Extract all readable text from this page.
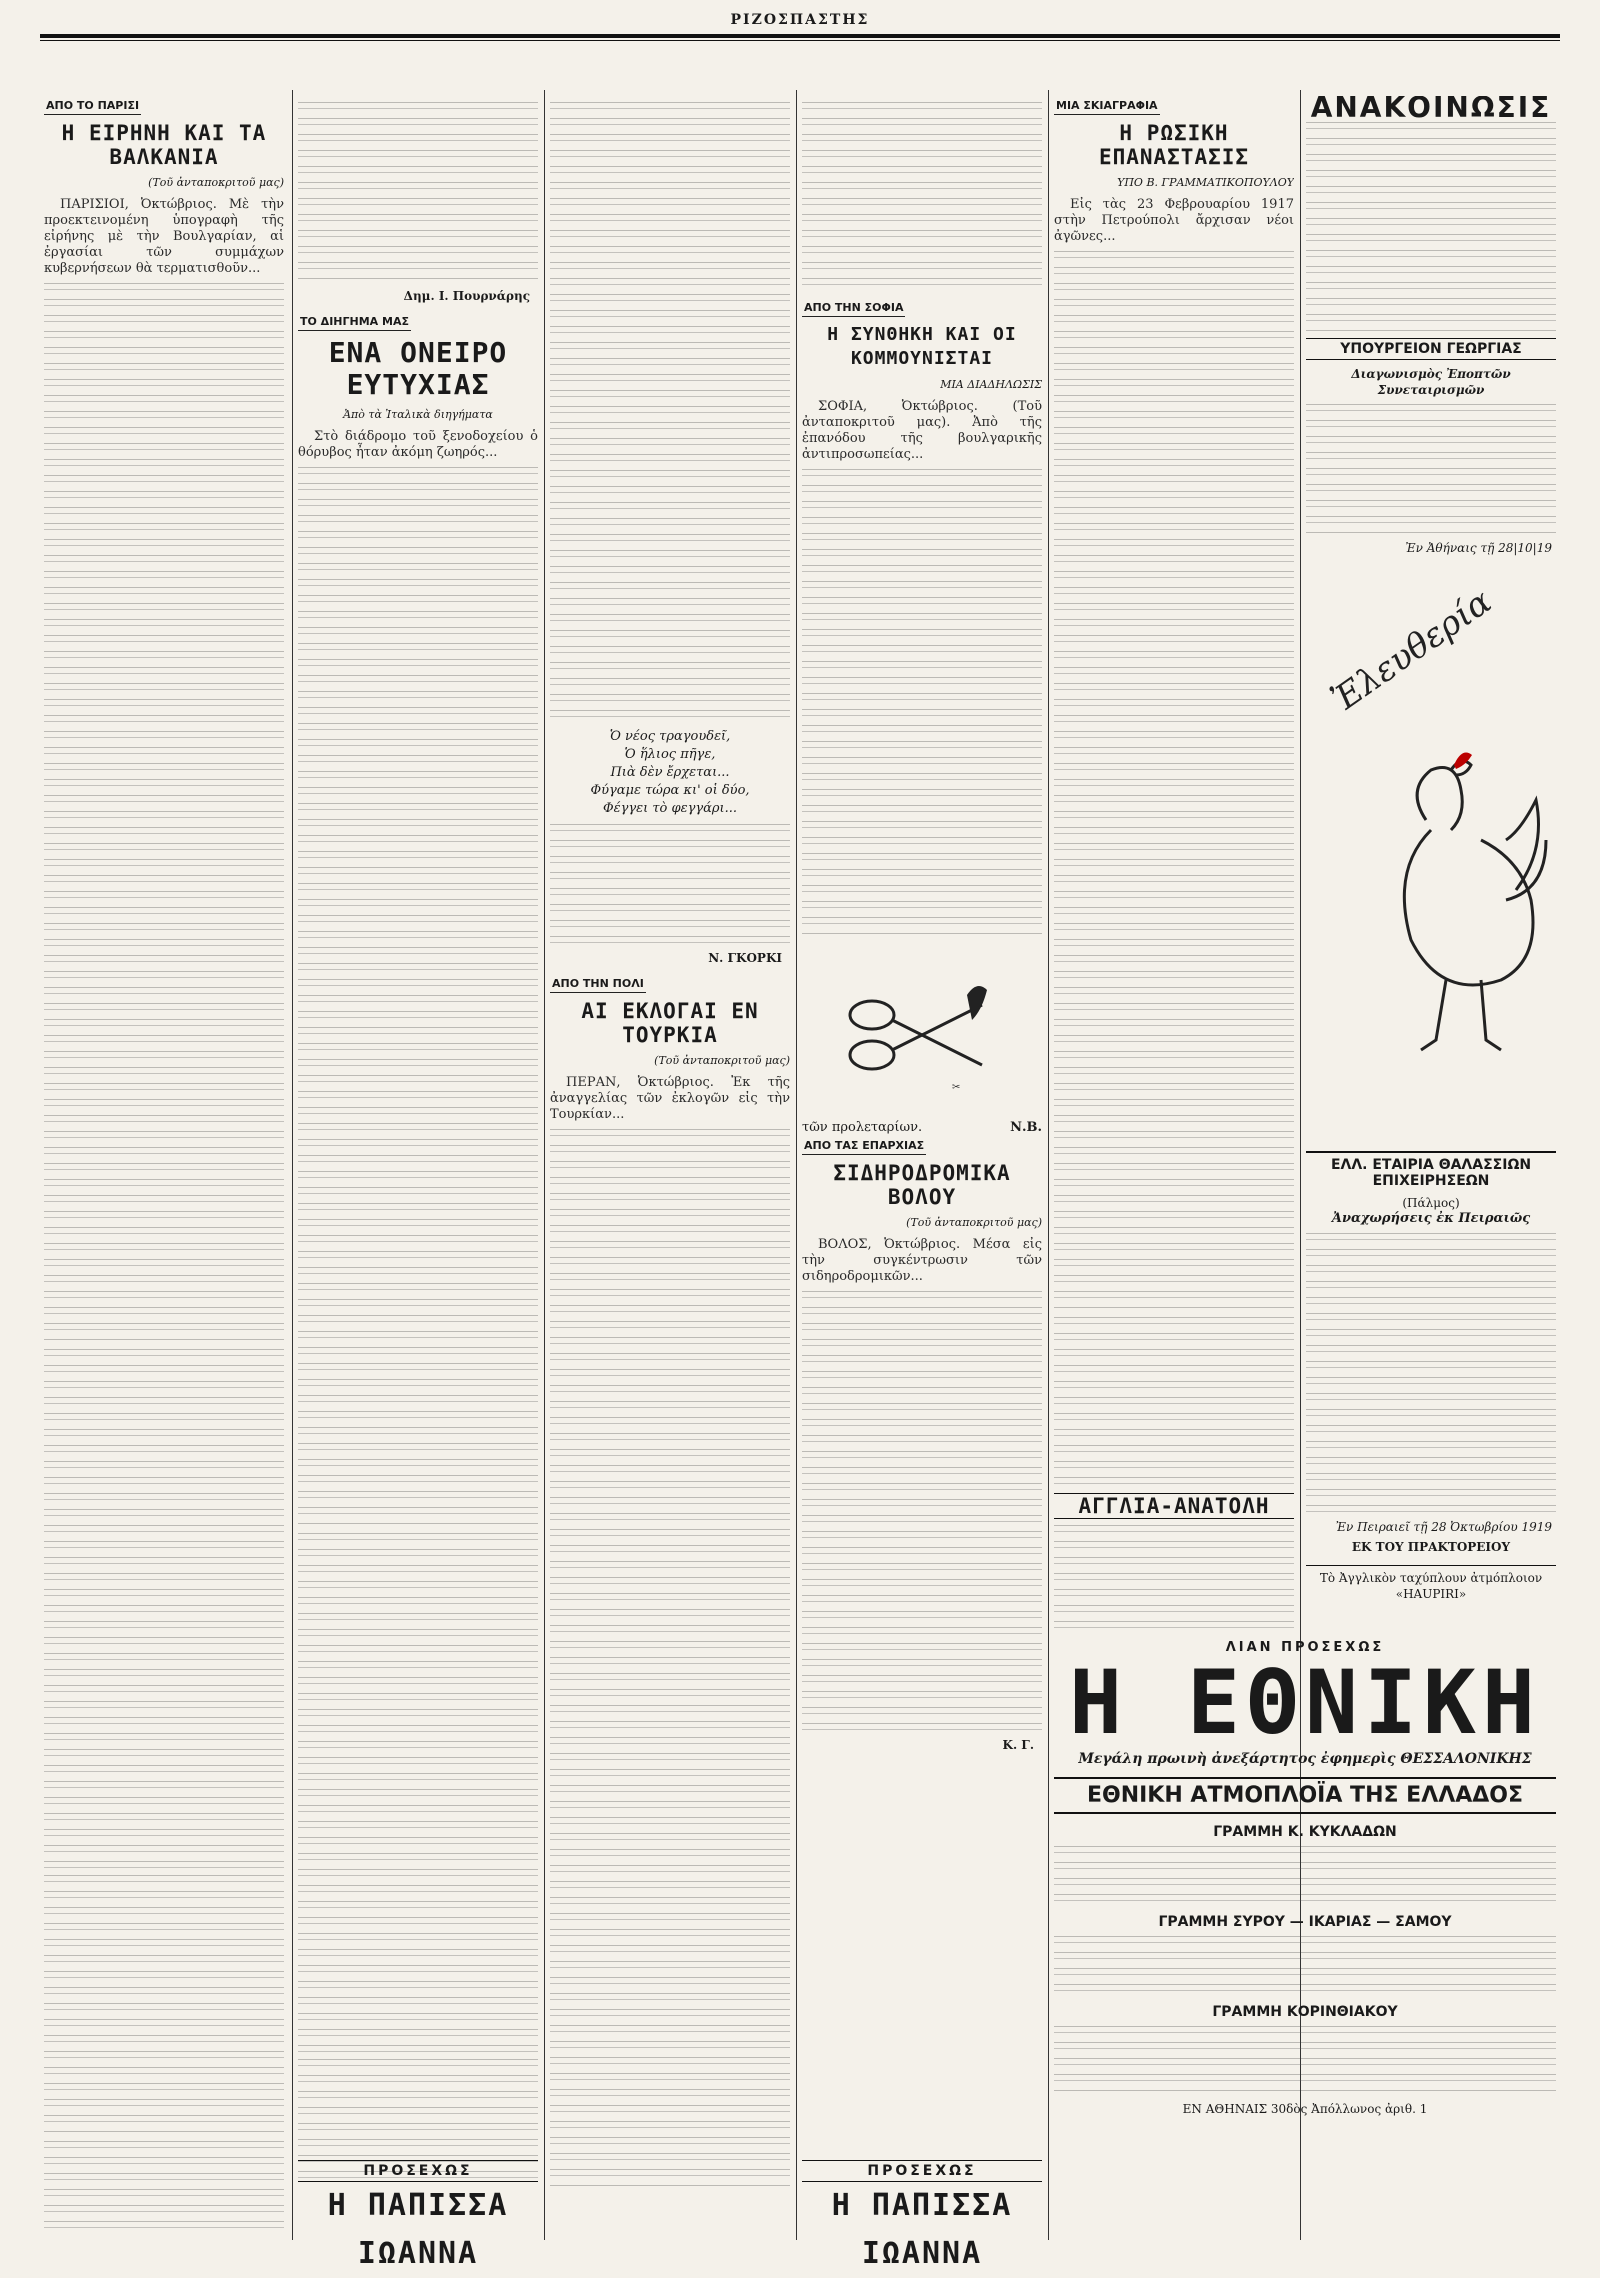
ΡΙΖΟΣΠΑΣΤΗΣ
ΑΠΟ ΤΟ ΠΑΡΙΣΙ
Η ΕΙΡΗΝΗ ΚΑΙ ΤΑ ΒΑΛΚΑΝΙΑ
(Τοῦ ἀνταποκριτοῦ μας)

ΠΑΡΙΣΙΟΙ, Ὀκτώβριος. Μὲ τὴν προεκτεινομένη ὑπογραφὴ τῆς εἰρήνης μὲ τὴν Βουλγαρίαν, αἱ ἐργασίαι τῶν συμμάχων κυβερνήσεων θὰ τερματισθοῦν...

Δημ. Ι. Πουρνάρης
ΤΟ ΔΙΗΓΗΜΑ ΜΑΣ
ΕΝΑ ΟΝΕΙΡΟ ΕΥΤΥΧΙΑΣ
Ἀπὸ τὰ Ἰταλικὰ διηγήματα

Στὸ διάδρομο τοῦ ξενοδοχείου ὁ θόρυβος ἦταν ἀκόμη ζωηρός...

ΠΡΟΣΕΧΩΣ
Η ΠΑΠΙΣΣΑ ΙΩΑΝΝΑ
Ὁ νέος τραγουδεῖ,
Ὁ ἥλιος πῆγε,
Πιὰ δὲν ἔρχεται...
Φύγαμε τώρα κι' οἱ δύο,
Φέγγει τὸ φεγγάρι...
Ν. ΓΚΟΡΚΙ
ΑΠΟ ΤΗΝ ΠΟΛΙ
ΑΙ ΕΚΛΟΓΑΙ ΕΝ ΤΟΥΡΚΙΑ
(Τοῦ ἀνταποκριτοῦ μας)

ΠΕΡΑΝ, Ὀκτώβριος. Ἐκ τῆς ἀναγγελίας τῶν ἐκλογῶν εἰς τὴν Τουρκίαν...

ΑΠΟ ΤΗΝ ΣΟΦΙΑ
Η ΣΥΝΘΗΚΗ ΚΑΙ ΟΙ ΚΟΜΜΟΥΝΙΣΤΑΙ
ΜΙΑ ΔΙΑΔΗΛΩΣΙΣ

ΣΟΦΙΑ, Ὀκτώβριος. (Τοῦ ἀνταποκριτοῦ μας). Ἀπὸ τῆς ἐπανόδου τῆς βουλγαρικῆς ἀντιπροσωπείας...

✂
τῶν προλεταρίων.	Ν.Β.
ΑΠΟ ΤΑΣ ΕΠΑΡΧΙΑΣ
ΣΙΔΗΡΟΔΡΟΜΙΚΑ ΒΟΛΟΥ
(Τοῦ ἀνταποκριτοῦ μας)

ΒΟΛΟΣ, Ὀκτώβριος. Μέσα εἰς τὴν συγκέντρωσιν τῶν σιδηροδρομικῶν...

Κ. Γ.
ΠΡΟΣΕΧΩΣ
Η ΠΑΠΙΣΣΑ ΙΩΑΝΝΑ
ΜΙΑ ΣΚΙΑΓΡΑΦΙΑ
Η ΡΩΣΙΚΗ ΕΠΑΝΑΣΤΑΣΙΣ
ΥΠΟ Β. ΓΡΑΜΜΑΤΙΚΟΠΟΥΛΟΥ

Εἰς τὰς 23 Φεβρουαρίου 1917 στὴν Πετρούπολι ἄρχισαν νέοι ἀγῶνες...

ΑΓΓΛΙΑ-ΑΝΑΤΟΛΗ
ΑΝΑΚΟΙΝΩΣΙΣ
ΥΠΟΥΡΓΕΙΟΝ ΓΕΩΡΓΙΑΣ
Διαγωνισμὸς Ἐποπτῶν Συνεταιρισμῶν
Ἐν Ἀθήναις τῇ 28|10|19
Ἐλευθερία
ΕΛΛ. ΕΤΑΙΡΙΑ ΘΑΛΑΣΣΙΩΝ ΕΠΙΧΕΙΡΗΣΕΩΝ
(Πάλμος)
Ἀναχωρήσεις ἐκ Πειραιῶς
Ἐν Πειραιεῖ τῇ 28 Ὀκτωβρίου 1919
ΕΚ ΤΟΥ ΠΡΑΚΤΟΡΕΙΟΥ
Τὸ Ἀγγλικὸν ταχύπλουν ἀτμόπλοιον «HAUPIRI»
ΛΙΑΝ ΠΡΟΣΕΧΩΣ
Η ΕΘΝΙΚΗ
Μεγάλη πρωινὴ ἀνεξάρτητος ἐφημερὶς ΘΕΣΣΑΛΟΝΙΚΗΣ
ΕΘΝΙΚΗ ΑΤΜΟΠΛΟΪΑ ΤΗΣ ΕΛΛΑΔΟΣ
ΓΡΑΜΜΗ Κ. ΚΥΚΛΑΔΩΝ
ΓΡΑΜΜΗ ΣΥΡΟΥ — ΙΚΑΡΙΑΣ — ΣΑΜΟΥ
ΓΡΑΜΜΗ ΚΟΡΙΝΘΙΑΚΟΥ
ΕΝ ΑΘΗΝΑΙΣ 30δὸς Ἀπόλλωνος ἀριθ. 1
